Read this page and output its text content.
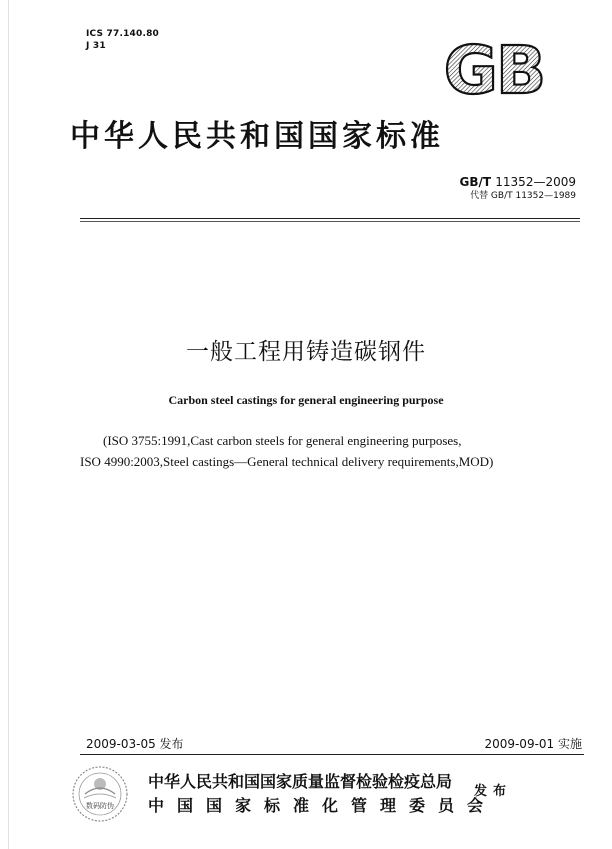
ICS 77.140.80
J 31	GB
中华人民共和国国家标准
GB/T 11352—2009
代替 GB/T 11352—1989
一般工程用铸造碳钢件
Carbon steel castings for general engineering purpose
(ISO 3755:1991,Cast carbon steels for general engineering purposes,
ISO 4990:2003,Steel castings—General technical delivery requirements,MOD)
2009-03-05 发布	2009-09-01 实施
数码防伪
中华人民共和国国家质量监督检验检疫总局
中国国家标准化管理委员会
发布
